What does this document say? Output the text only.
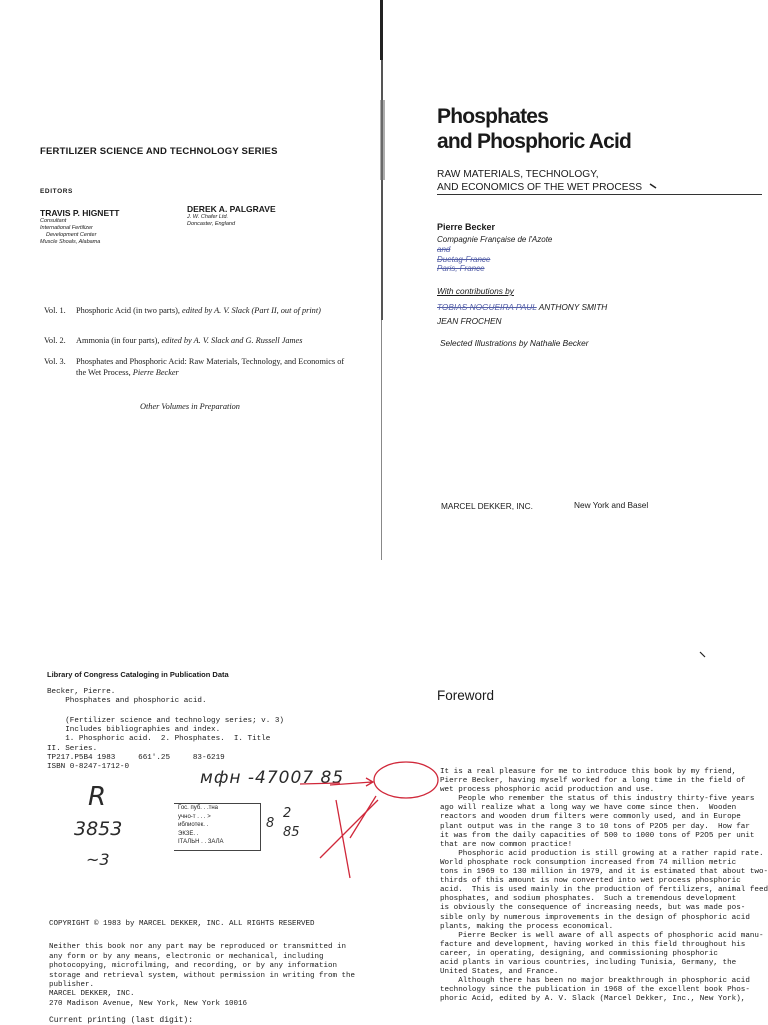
FERTILIZER SCIENCE AND TECHNOLOGY SERIES
EDITORS
TRAVIS P. HIGNETT
Consultant
International Fertilizer
Development Center
Muscle Shoals, Alabama
DEREK A. PALGRAVE
J. W. Chafer Ltd.
Doncaster, England
Vol. 1. Phosphoric Acid (in two parts), edited by A. V. Slack (Part II, out of print)
Vol. 2. Ammonia (in four parts), edited by A. V. Slack and G. Russell James
Vol. 3. Phosphates and Phosphoric Acid: Raw Materials, Technology, and Economics of the Wet Process, Pierre Becker
Other Volumes in Preparation
Phosphates
and Phosphoric Acid
RAW MATERIALS, TECHNOLOGY,
AND ECONOMICS OF THE WET PROCESS
Pierre Becker
Compagnie Française de l'Azote
and
Duetag-France
Paris, France
With contributions by
TOBIAS NOGUEIRA PAUL ANTHONY SMITH
JEAN FROCHEN
Selected Illustrations by Nathalie Becker
MARCEL DEKKER, INC.	New York and Basel
Library of Congress Cataloging in Publication Data
Becker, Pierre.
Phosphates and phosphoric acid.
(Fertilizer science and technology series; v. 3)
Includes bibliographies and index.
1. Phosphoric acid.  2. Phosphates.  I. Title
II. Series.
TP217.P5B4 1983     661'.25     83-6219
ISBN 0-8247-1712-0
Гос. пуб. . .тна
учно-т . . . >
иблиотек. .
ЭКЗЕ. .
ІТАЛЬН . . ЗАЛА
мфн -47007 85
R
3853
~3
2
8
85
COPYRIGHT © 1983 by MARCEL DEKKER, INC. ALL RIGHTS RESERVED
Neither this book nor any part may be reproduced or transmitted in any form or by any means, electronic or mechanical, including photocopying, microfilming, and recording, or by any information storage and retrieval system, without permission in writing from the publisher.
MARCEL DEKKER, INC.
270 Madison Avenue, New York, New York 10016
Current printing (last digit):
Foreword

It is a real pleasure for me to introduce this book by my friend,
Pierre Becker, having myself worked for a long time in the field of
wet process phosphoric acid production and use.

People who remember the status of this industry thirty-five years
ago will realize what a long way we have come since then.  Wooden
reactors and wooden drum filters were commonly used, and in Europe
plant output was in the range 3 to 10 tons of P2O5 per day.  How far
it was from the daily capacities of 500 to 1000 tons of P2O5 per unit
that are now common practice!

Phosphoric acid production is still growing at a rather rapid rate.
World phosphate rock consumption increased from 74 million metric
tons in 1969 to 130 million in 1979, and it is estimated that about two-
thirds of this amount is now converted into wet process phosphoric
acid.  This is used mainly in the production of fertilizers, animal feed
phosphates, and sodium phosphates.  Such a tremendous development
is obviously the consequence of increasing needs, but was made pos-
sible only by numerous improvements in the design of phosphoric acid
plants, making the process economical.

Pierre Becker is well aware of all aspects of phosphoric acid manu-
facture and development, having worked in this field throughout his
career, in operating, designing, and commissioning phosphoric
acid plants in various countries, including Tunisia, Germany, the
United States, and France.

Although there has been no major breakthrough in phosphoric acid
technology since the publication in 1968 of the excellent book Phos-
phoric Acid, edited by A. V. Slack (Marcel Dekker, Inc., New York),
